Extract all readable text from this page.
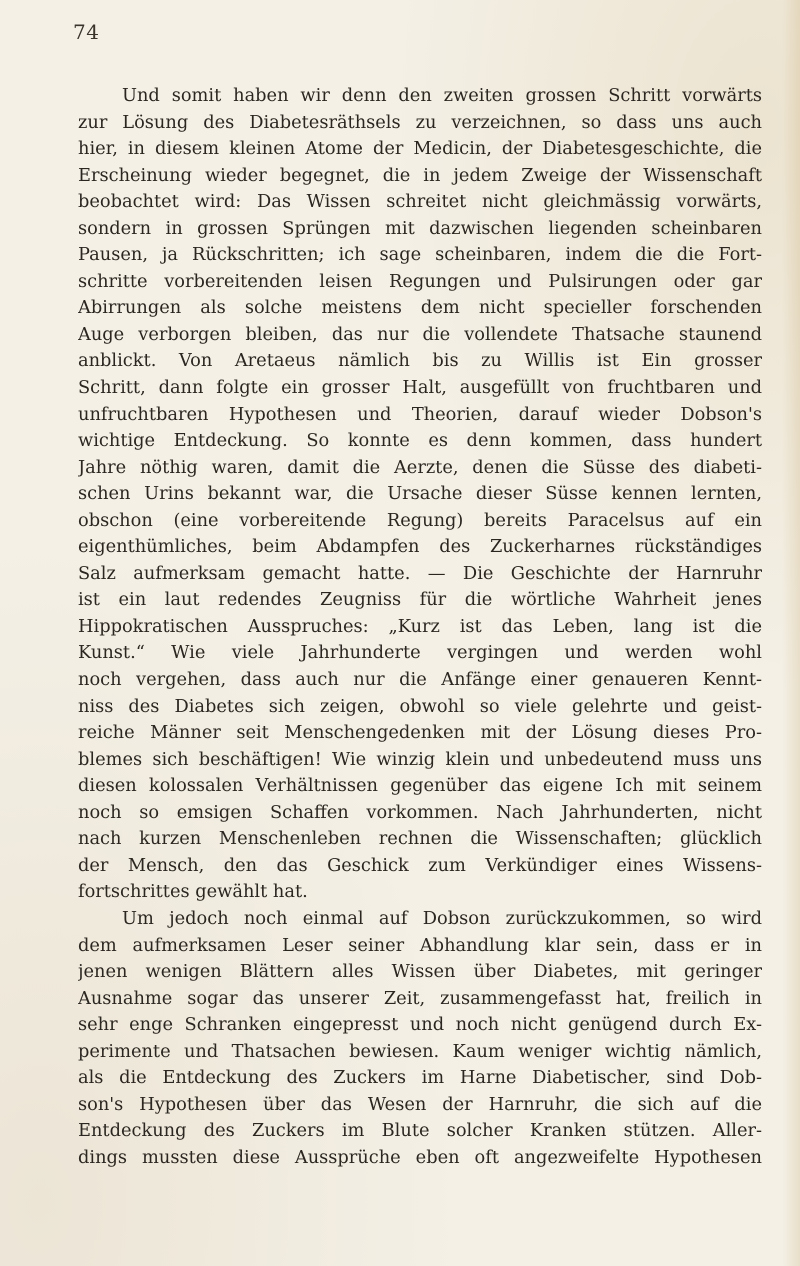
74
Und somit haben wir denn den zweiten grossen Schritt vorwärts
zur Lösung des Diabetesräthsels zu verzeichnen, so dass uns auch
hier, in diesem kleinen Atome der Medicin, der Diabetesgeschichte, die
Erscheinung wieder begegnet, die in jedem Zweige der Wissenschaft
beobachtet wird: Das Wissen schreitet nicht gleichmässig vorwärts,
sondern in grossen Sprüngen mit dazwischen liegenden scheinbaren
Pausen, ja Rückschritten; ich sage scheinbaren, indem die die Fort-
schritte vorbereitenden leisen Regungen und Pulsirungen oder gar
Abirrungen als solche meistens dem nicht specieller forschenden
Auge verborgen bleiben, das nur die vollendete Thatsache staunend
anblickt. Von Aretaeus nämlich bis zu Willis ist Ein grosser
Schritt, dann folgte ein grosser Halt, ausgefüllt von fruchtbaren und
unfruchtbaren Hypothesen und Theorien, darauf wieder Dobson's
wichtige Entdeckung. So konnte es denn kommen, dass hundert
Jahre nöthig waren, damit die Aerzte, denen die Süsse des diabeti-
schen Urins bekannt war, die Ursache dieser Süsse kennen lernten,
obschon (eine vorbereitende Regung) bereits Paracelsus auf ein
eigenthümliches, beim Abdampfen des Zuckerharnes rückständiges
Salz aufmerksam gemacht hatte. — Die Geschichte der Harnruhr
ist ein laut redendes Zeugniss für die wörtliche Wahrheit jenes
Hippokratischen Ausspruches: „Kurz ist das Leben, lang ist die
Kunst.“ Wie viele Jahrhunderte vergingen und werden wohl
noch vergehen, dass auch nur die Anfänge einer genaueren Kennt-
niss des Diabetes sich zeigen, obwohl so viele gelehrte und geist-
reiche Männer seit Menschengedenken mit der Lösung dieses Pro-
blemes sich beschäftigen! Wie winzig klein und unbedeutend muss uns
diesen kolossalen Verhältnissen gegenüber das eigene Ich mit seinem
noch so emsigen Schaffen vorkommen. Nach Jahrhunderten, nicht
nach kurzen Menschenleben rechnen die Wissenschaften; glücklich
der Mensch, den das Geschick zum Verkündiger eines Wissens-
fortschrittes gewählt hat.
Um jedoch noch einmal auf Dobson zurückzukommen, so wird
dem aufmerksamen Leser seiner Abhandlung klar sein, dass er in
jenen wenigen Blättern alles Wissen über Diabetes, mit geringer
Ausnahme sogar das unserer Zeit, zusammengefasst hat, freilich in
sehr enge Schranken eingepresst und noch nicht genügend durch Ex-
perimente und Thatsachen bewiesen. Kaum weniger wichtig nämlich,
als die Entdeckung des Zuckers im Harne Diabetischer, sind Dob-
son's Hypothesen über das Wesen der Harnruhr, die sich auf die
Entdeckung des Zuckers im Blute solcher Kranken stützen. Aller-
dings mussten diese Aussprüche eben oft angezweifelte Hypothesen
